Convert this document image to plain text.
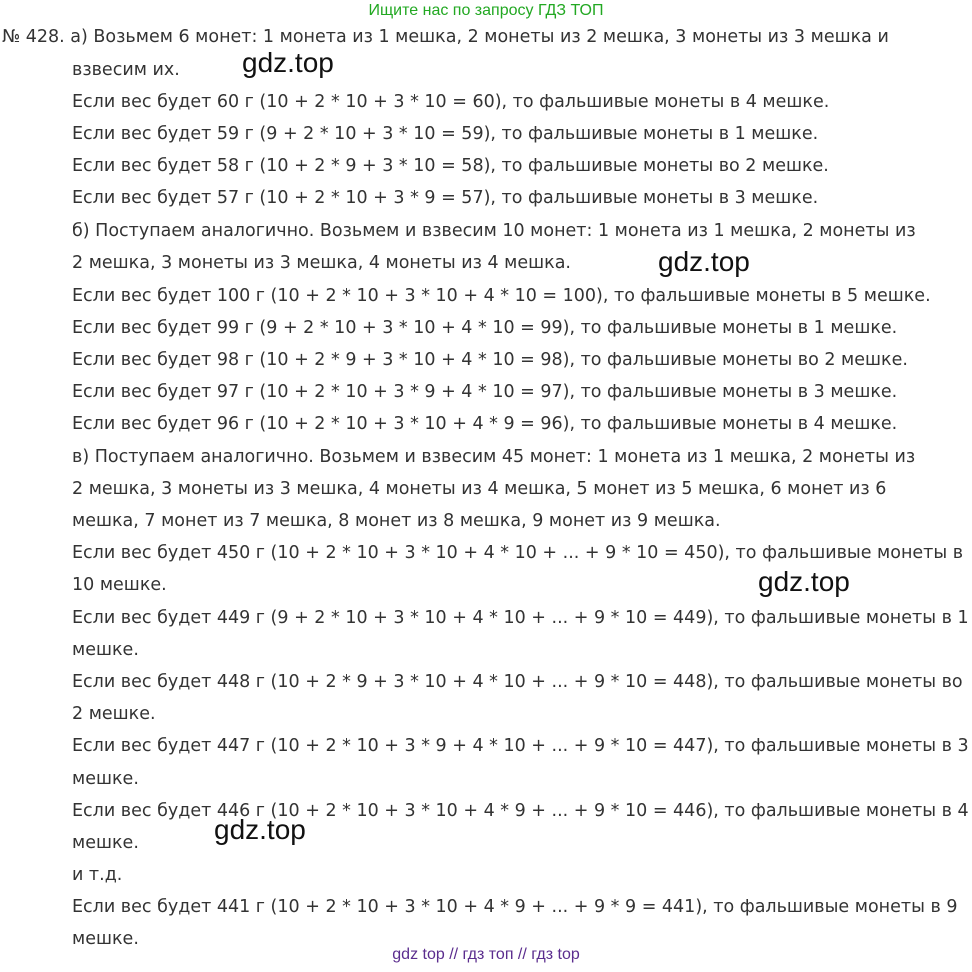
Ищите нас по запросу ГДЗ ТОП
№ 428. а) Возьмем 6 монет: 1 монета из 1 мешка, 2 монеты из 2 мешка, 3 монеты из 3 мешка и
взвесим их.
Если вес будет 60 г (10 + 2 * 10 + 3 * 10 = 60), то фальшивые монеты в 4 мешке.
Если вес будет 59 г (9 + 2 * 10 + 3 * 10 = 59), то фальшивые монеты в 1 мешке.
Если вес будет 58 г (10 + 2 * 9 + 3 * 10 = 58), то фальшивые монеты во 2 мешке.
Если вес будет 57 г (10 + 2 * 10 + 3 * 9 = 57), то фальшивые монеты в 3 мешке.
б) Поступаем аналогично. Возьмем и взвесим 10 монет: 1 монета из 1 мешка, 2 монеты из
2 мешка, 3 монеты из 3 мешка, 4 монеты из 4 мешка.
Если вес будет 100 г (10 + 2 * 10 + 3 * 10 + 4 * 10 = 100), то фальшивые монеты в 5 мешке.
Если вес будет 99 г (9 + 2 * 10 + 3 * 10 + 4 * 10 = 99), то фальшивые монеты в 1 мешке.
Если вес будет 98 г (10 + 2 * 9 + 3 * 10 + 4 * 10 = 98), то фальшивые монеты во 2 мешке.
Если вес будет 97 г (10 + 2 * 10 + 3 * 9 + 4 * 10 = 97), то фальшивые монеты в 3 мешке.
Если вес будет 96 г (10 + 2 * 10 + 3 * 10 + 4 * 9 = 96), то фальшивые монеты в 4 мешке.
в) Поступаем аналогично. Возьмем и взвесим 45 монет: 1 монета из 1 мешка, 2 монеты из
2 мешка, 3 монеты из 3 мешка, 4 монеты из 4 мешка, 5 монет из 5 мешка, 6 монет из 6
мешка, 7 монет из 7 мешка, 8 монет из 8 мешка, 9 монет из 9 мешка.
Если вес будет 450 г (10 + 2 * 10 + 3 * 10 + 4 * 10 + ... + 9 * 10 = 450), то фальшивые монеты в
10 мешке.
Если вес будет 449 г (9 + 2 * 10 + 3 * 10 + 4 * 10 + ... + 9 * 10 = 449), то фальшивые монеты в 1
мешке.
Если вес будет 448 г (10 + 2 * 9 + 3 * 10 + 4 * 10 + ... + 9 * 10 = 448), то фальшивые монеты во
2 мешке.
Если вес будет 447 г (10 + 2 * 10 + 3 * 9 + 4 * 10 + ... + 9 * 10 = 447), то фальшивые монеты в 3
мешке.
Если вес будет 446 г (10 + 2 * 10 + 3 * 10 + 4 * 9 + ... + 9 * 10 = 446), то фальшивые монеты в 4
мешке.
и т.д.
Если вес будет 441 г (10 + 2 * 10 + 3 * 10 + 4 * 9 + ... + 9 * 9 = 441), то фальшивые монеты в 9
мешке.
gdz.top
gdz.top
gdz.top
gdz.top
gdz top // гдз топ // гдз top
